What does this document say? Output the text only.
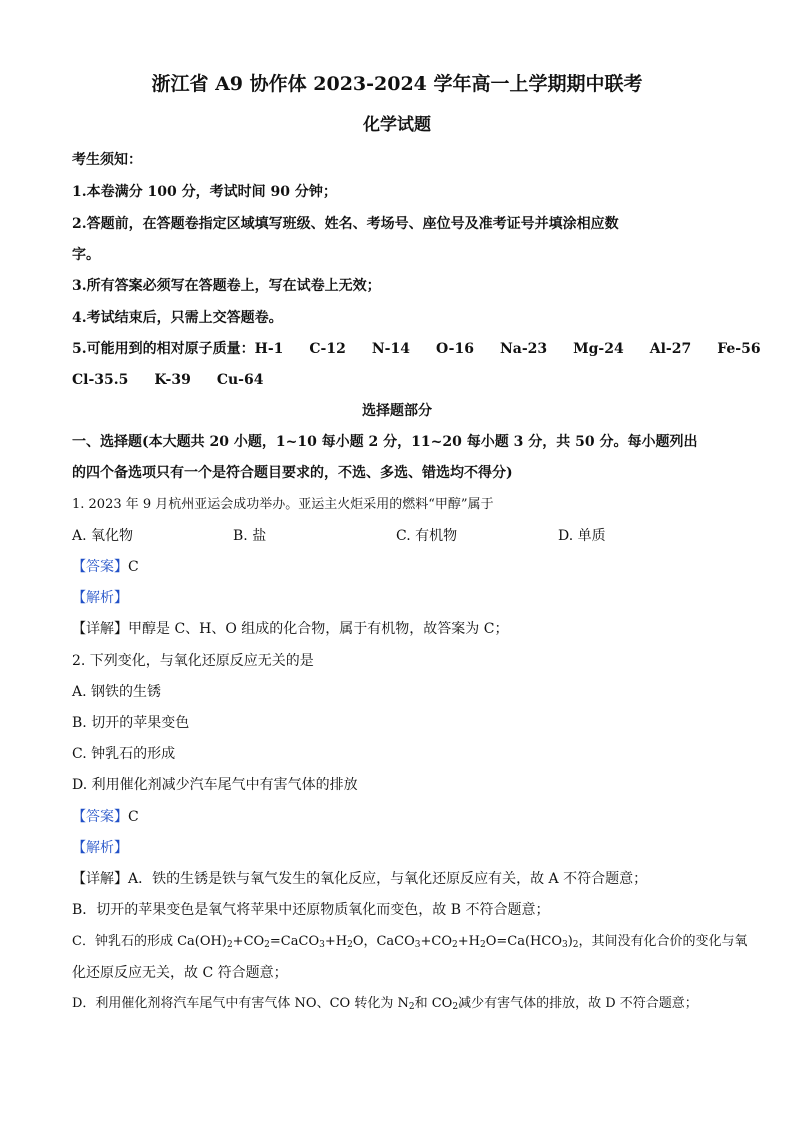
浙江省 A9 协作体 2023-2024 学年高一上学期期中联考
化学试题
考生须知：
1.本卷满分 100 分，考试时间 90 分钟；
2.答题前，在答题卷指定区域填写班级、姓名、考场号、座位号及准考证号并填涂相应数
字。
3.所有答案必须写在答题卷上，写在试卷上无效；
4.考试结束后，只需上交答题卷。
5.可能用到的相对原子质量：H-1 C-12 N-14 O-16 Na-23 Mg-24 Al-27 Fe-56
Cl-35.5 K-39 Cu-64
选择题部分
一、选择题(本大题共 20 小题，1~10 每小题 2 分，11~20 每小题 3 分，共 50 分。每小题列出
的四个备选项只有一个是符合题目要求的，不选、多选、错选均不得分)
1. 2023 年 9 月杭州亚运会成功举办。亚运主火炬采用的燃料“甲醇”属于
A. 氧化物	B. 盐	C. 有机物	D. 单质
【答案】C
【解析】
【详解】甲醇是 C、H、O 组成的化合物，属于有机物，故答案为 C；
2. 下列变化，与氧化还原反应无关的是
A. 钢铁的生锈
B. 切开的苹果变色
C. 钟乳石的形成
D. 利用催化剂减少汽车尾气中有害气体的排放
【答案】C
【解析】
【详解】A．铁的生锈是铁与氧气发生的氧化反应，与氧化还原反应有关，故 A 不符合题意；
B．切开的苹果变色是氧气将苹果中还原物质氧化而变色，故 B 不符合题意；
C．钟乳石的形成 $Ca(OH)_2+CO_2=CaCO_3+H_2O$，$CaCO_3+CO_2+H_2O=Ca(HCO_3)_2$，其间没有化合价的变化与氧
化还原反应无关，故 C 符合题意；
D．利用催化剂将汽车尾气中有害气体 NO、CO 转化为 $N_2$和 $CO_2$减少有害气体的排放，故 D 不符合题意；
